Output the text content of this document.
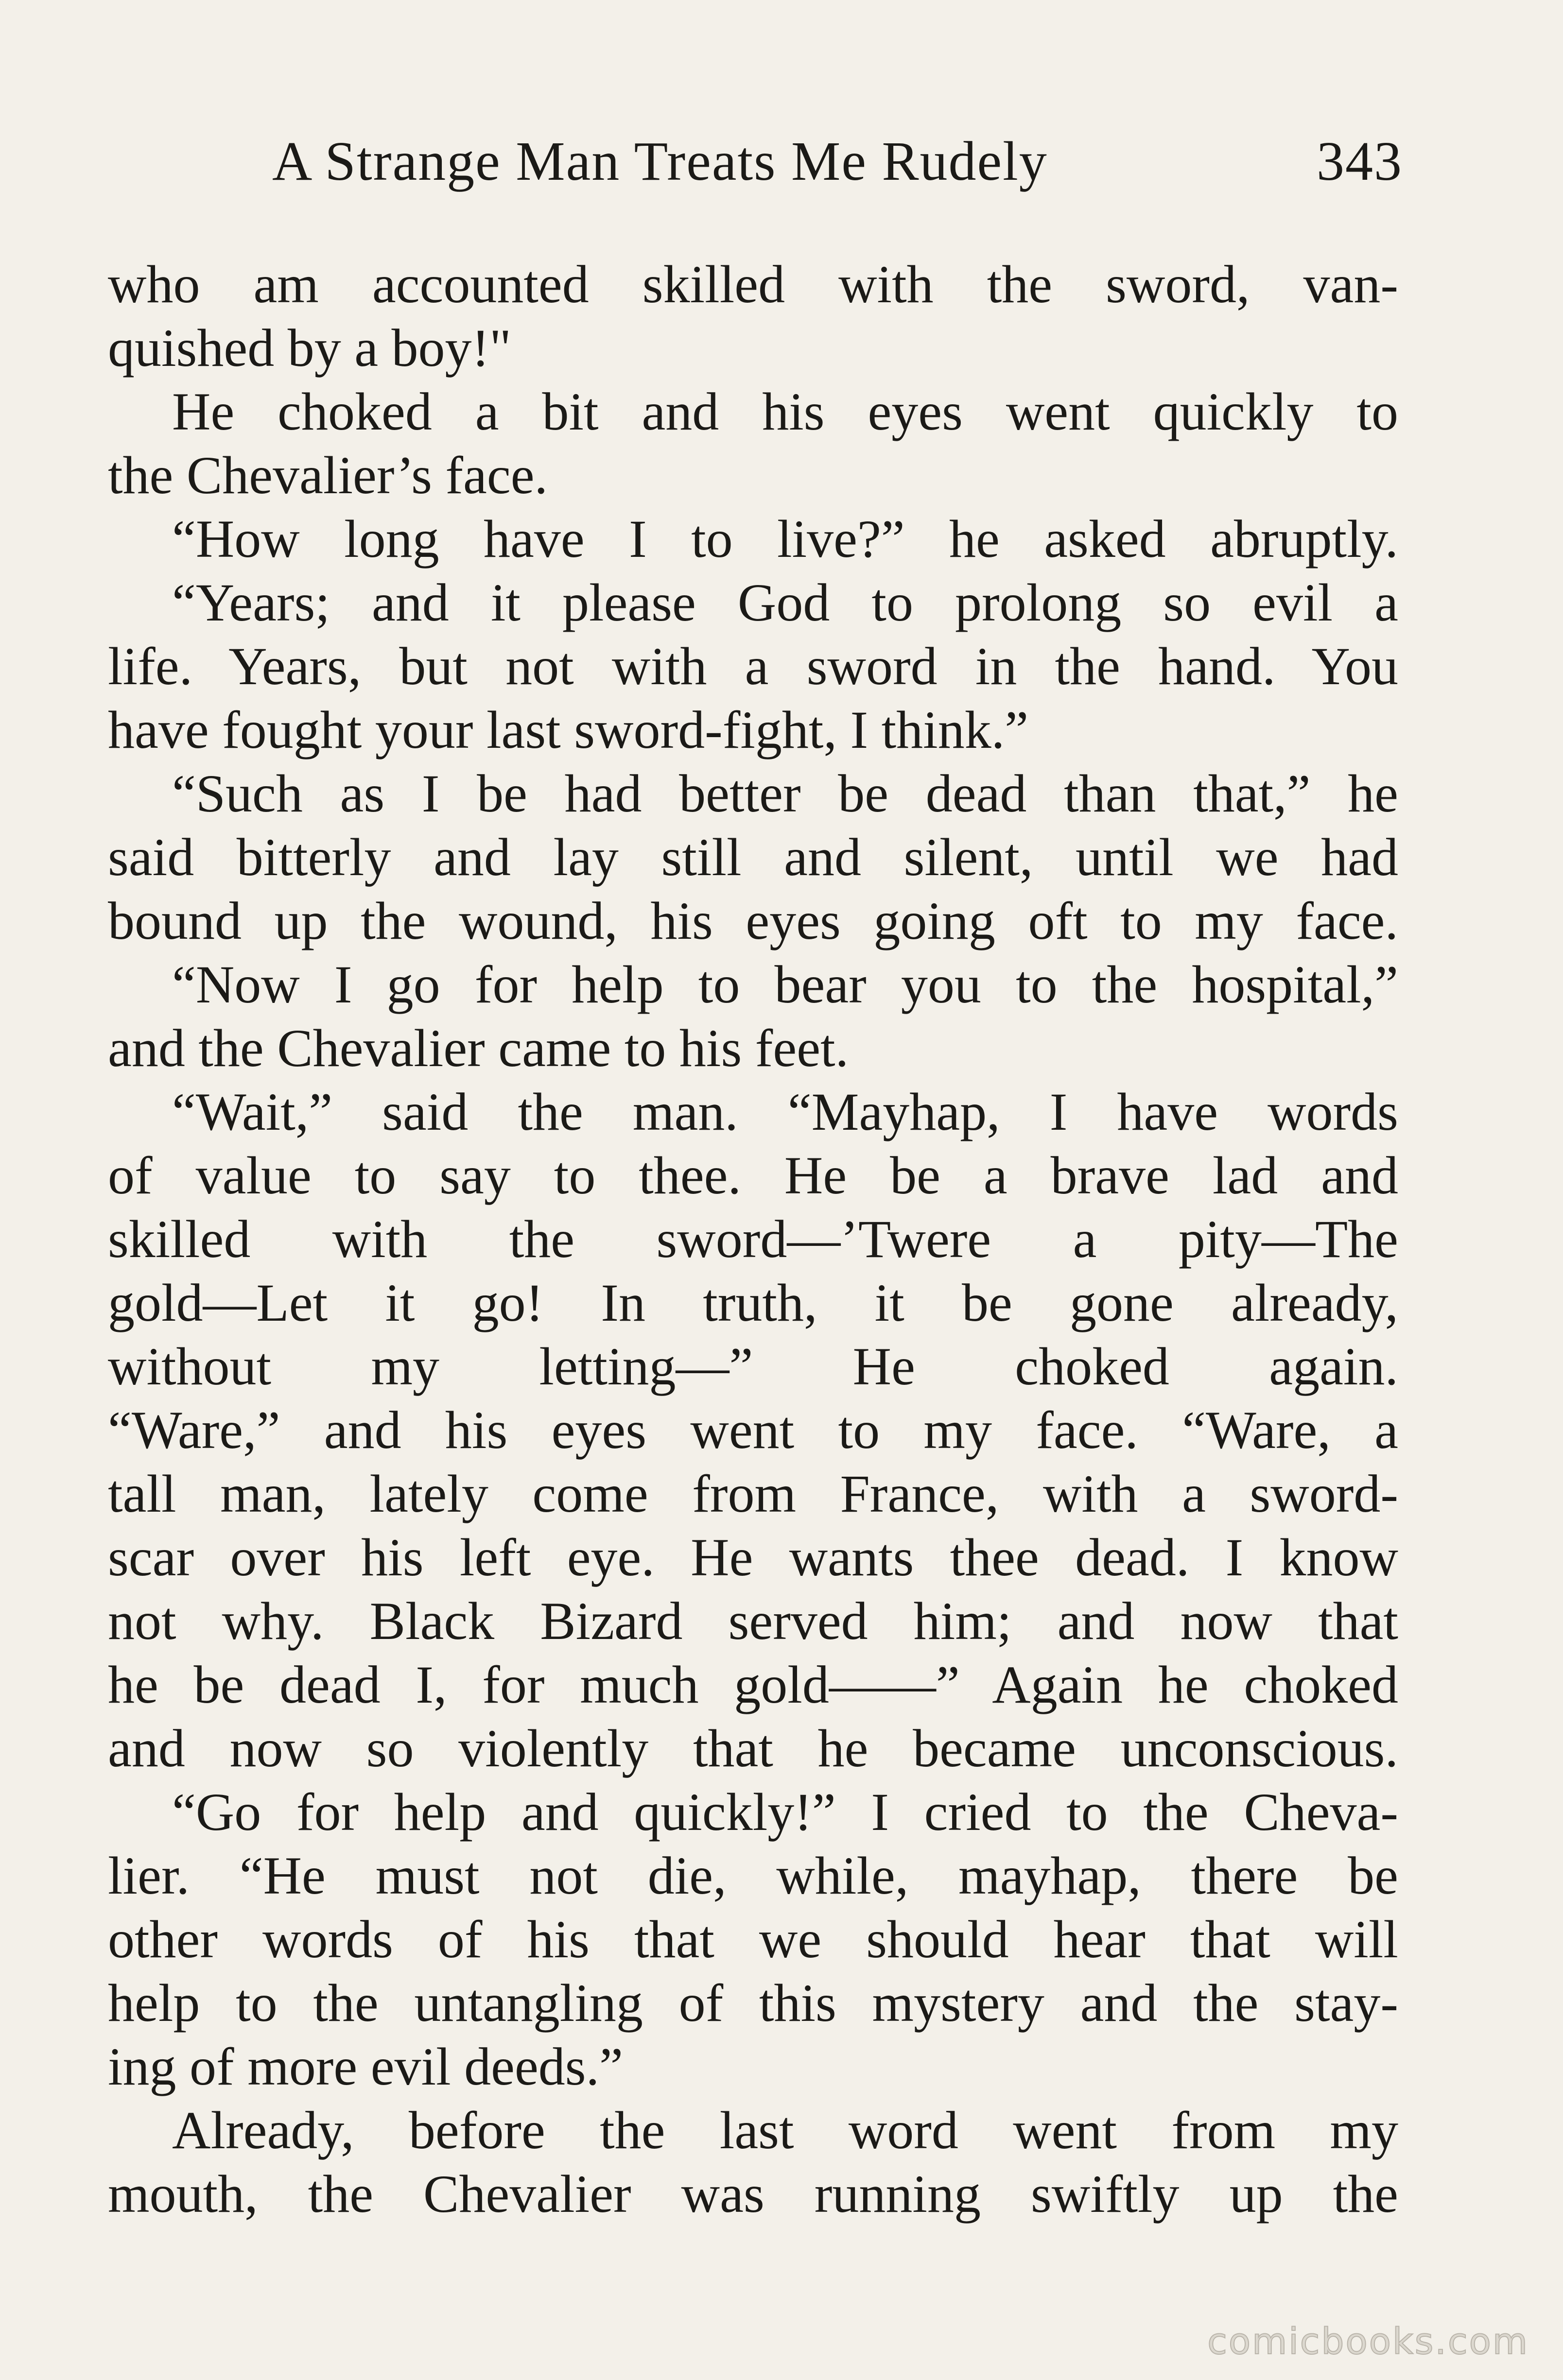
A Strange Man Treats Me Rudely	343
who am accounted skilled with the sword, van-
quished by a boy!"
He choked a bit and his eyes went quickly to
the Chevalier’s face.
“How long have I to live?” he asked abruptly.
“Years; and it please God to prolong so evil a
life. Years, but not with a sword in the hand. You
have fought your last sword-fight, I think.”
“Such as I be had better be dead than that,” he
said bitterly and lay still and silent, until we had
bound up the wound, his eyes going oft to my face.
“Now I go for help to bear you to the hospital,”
and the Chevalier came to his feet.
“Wait,” said the man. “Mayhap, I have words
of value to say to thee. He be a brave lad and
skilled with the sword—’Twere a pity—The
gold—Let it go! In truth, it be gone already,
without my letting—” He choked again.
“Ware,” and his eyes went to my face. “Ware, a
tall man, lately come from France, with a sword-
scar over his left eye. He wants thee dead. I know
not why. Black Bizard served him; and now that
he be dead I, for much gold——” Again he choked
and now so violently that he became unconscious.
“Go for help and quickly!” I cried to the Cheva-
lier. “He must not die, while, mayhap, there be
other words of his that we should hear that will
help to the untangling of this mystery and the stay-
ing of more evil deeds.”
Already, before the last word went from my
mouth, the Chevalier was running swiftly up the
comicbooks.com
